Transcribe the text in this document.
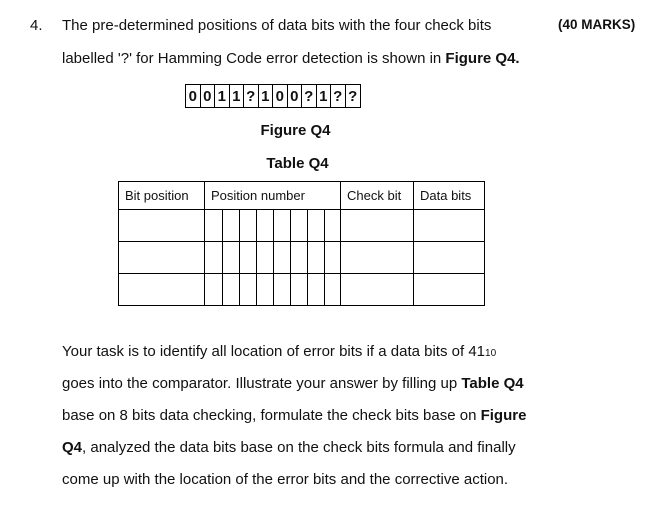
4.	(40 MARKS)
The pre-determined positions of data bits with the four check bits
labelled '?' for Hamming Code error detection is shown in Figure Q4.
0 0 1 1 ? 1 0 0 ? 1 ? ?
Figure Q4
Table Q4
Bit position	Position number								Check bit	Data bits

Your task is to identify all location of error bits if a data bits of 4110
goes into the comparator. Illustrate your answer by filling up Table Q4
base on 8 bits data checking, formulate the check bits base on Figure
Q4, analyzed the data bits base on the check bits formula and finally
come up with the location of the error bits and the corrective action.
